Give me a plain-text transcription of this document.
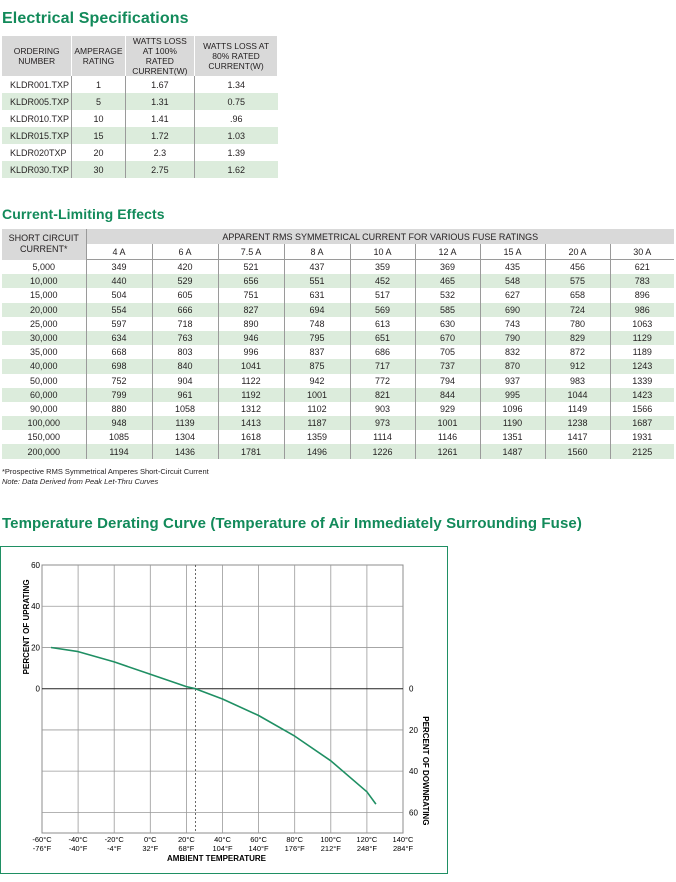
Electrical Specifications
ORDERING NUMBER	AMPERAGE RATING	WATTS LOSS AT 100% RATED CURRENT(W)	WATTS LOSS AT 80% RATED CURRENT(W)
KLDR001.TXP	1	1.67	1.34
KLDR005.TXP	5	1.31	0.75
KLDR010.TXP	10	1.41	.96
KLDR015.TXP	15	1.72	1.03
KLDR020TXP	20	2.3	1.39
KLDR030.TXP	30	2.75	1.62
Current-Limiting Effects
SHORT CIRCUIT CURRENT*	APPARENT RMS SYMMETRICAL CURRENT FOR VARIOUS FUSE RATINGS								
	4 A	6 A	7.5 A	8 A	10 A	12 A	15 A	20 A	30 A
5,000	349	420	521	437	359	369	435	456	621
10,000	440	529	656	551	452	465	548	575	783
15,000	504	605	751	631	517	532	627	658	896
20,000	554	666	827	694	569	585	690	724	986
25,000	597	718	890	748	613	630	743	780	1063
30,000	634	763	946	795	651	670	790	829	1129
35,000	668	803	996	837	686	705	832	872	1189
40,000	698	840	1041	875	717	737	870	912	1243
50,000	752	904	1122	942	772	794	937	983	1339
60,000	799	961	1192	1001	821	844	995	1044	1423
90,000	880	1058	1312	1102	903	929	1096	1149	1566
100,000	948	1139	1413	1187	973	1001	1190	1238	1687
150,000	1085	1304	1618	1359	1114	1146	1351	1417	1931
200,000	1194	1436	1781	1496	1226	1261	1487	1560	2125
*Prospective RMS Symmetrical Amperes Short-Circuit Current
Note: Data Derived from Peak Let-Thru Curves
Temperature Derating Curve (Temperature of Air Immediately Surrounding Fuse)
60
40
20
0	0
20
40
60
-60°C
-76°F
-40°C
-40°F
-20°C
-4°F
0°C
32°F
20°C
68°F
40°C
104°F
60°C
140°F
80°C
176°F
100°C
212°F
120°C
248°F
140°C
284°F
PERCENT OF UPRATING
PERCENT OF DOWNRATING
AMBIENT TEMPERATURE
